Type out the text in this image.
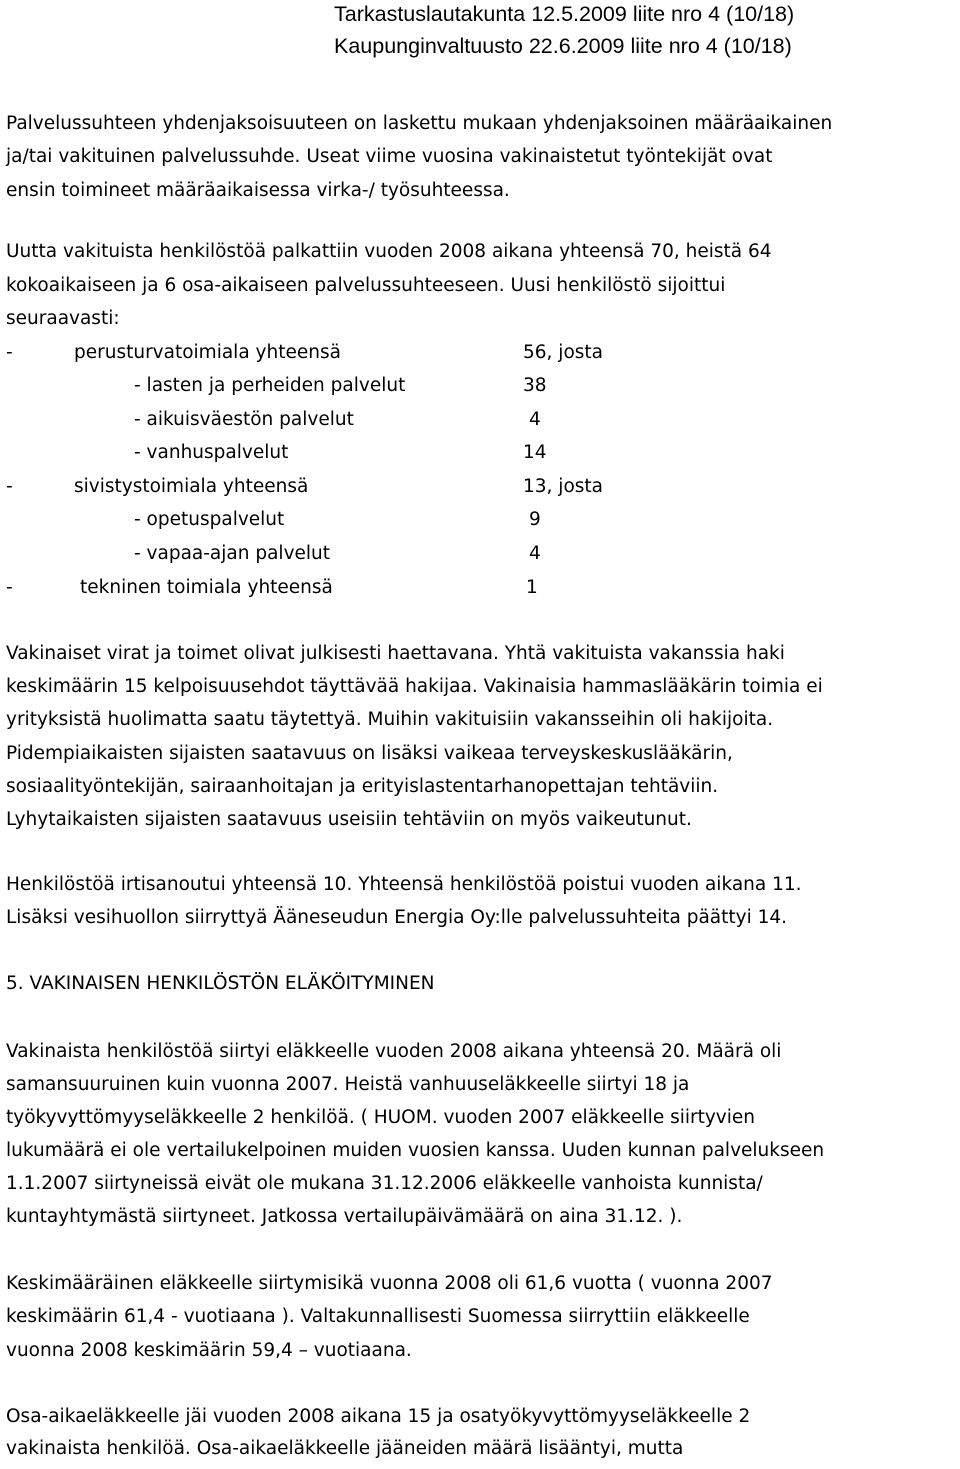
Tarkastuslautakunta 12.5.2009 liite nro 4 (10/18)
Kaupunginvaltuusto 22.6.2009 liite nro 4 (10/18)
Palvelussuhteen yhdenjaksoisuuteen on laskettu mukaan yhdenjaksoinen määräaikainen
ja/tai vakituinen palvelussuhde. Useat viime vuosina vakinaistetut työntekijät ovat
ensin toimineet määräaikaisessa virka-/ työsuhteessa.
Uutta vakituista henkilöstöä palkattiin vuoden 2008 aikana yhteensä 70, heistä 64
kokoaikaiseen ja 6 osa-aikaiseen palvelussuhteeseen. Uusi henkilöstö sijoittui
seuraavasti:
-	perusturvatoimiala yhteensä	56, josta
- lasten ja perheiden palvelut	38
- aikuisväestön palvelut	4
- vanhuspalvelut	14
-	sivistystoimiala yhteensä	13, josta
- opetuspalvelut	9
- vapaa-ajan palvelut	4
-	tekninen toimiala yhteensä	1
Vakinaiset virat ja toimet olivat julkisesti haettavana. Yhtä vakituista vakanssia haki
keskimäärin 15 kelpoisuusehdot täyttävää hakijaa. Vakinaisia hammaslääkärin toimia ei
yrityksistä huolimatta saatu täytettyä. Muihin vakituisiin vakansseihin oli hakijoita.
Pidempiaikaisten sijaisten saatavuus on lisäksi vaikeaa terveyskeskuslääkärin,
sosiaalityöntekijän, sairaanhoitajan ja erityislastentarhanopettajan tehtäviin.
Lyhytaikaisten sijaisten saatavuus useisiin tehtäviin on myös vaikeutunut.
Henkilöstöä irtisanoutui yhteensä 10. Yhteensä henkilöstöä poistui vuoden aikana 11.
Lisäksi vesihuollon siirryttyä Ääneseudun Energia Oy:lle palvelussuhteita päättyi 14.
5. VAKINAISEN HENKILÖSTÖN ELÄKÖITYMINEN
Vakinaista henkilöstöä siirtyi eläkkeelle vuoden 2008 aikana yhteensä 20. Määrä oli
samansuuruinen kuin vuonna 2007. Heistä vanhuuseläkkeelle siirtyi 18 ja
työkyvyttömyyseläkkeelle 2 henkilöä. ( HUOM. vuoden 2007 eläkkeelle siirtyvien
lukumäärä ei ole vertailukelpoinen muiden vuosien kanssa. Uuden kunnan palvelukseen
1.1.2007 siirtyneissä eivät ole mukana 31.12.2006 eläkkeelle vanhoista kunnista/
kuntayhtymästä siirtyneet. Jatkossa vertailupäivämäärä on aina 31.12. ).
Keskimääräinen eläkkeelle siirtymisikä vuonna 2008 oli 61,6 vuotta ( vuonna 2007
keskimäärin 61,4 - vuotiaana ). Valtakunnallisesti Suomessa siirryttiin eläkkeelle
vuonna 2008 keskimäärin 59,4 – vuotiaana.
Osa-aikaeläkkeelle jäi vuoden 2008 aikana 15 ja osatyökyvyttömyyseläkkeelle 2
vakinaista henkilöä. Osa-aikaeläkkeelle jääneiden määrä lisääntyi, mutta
